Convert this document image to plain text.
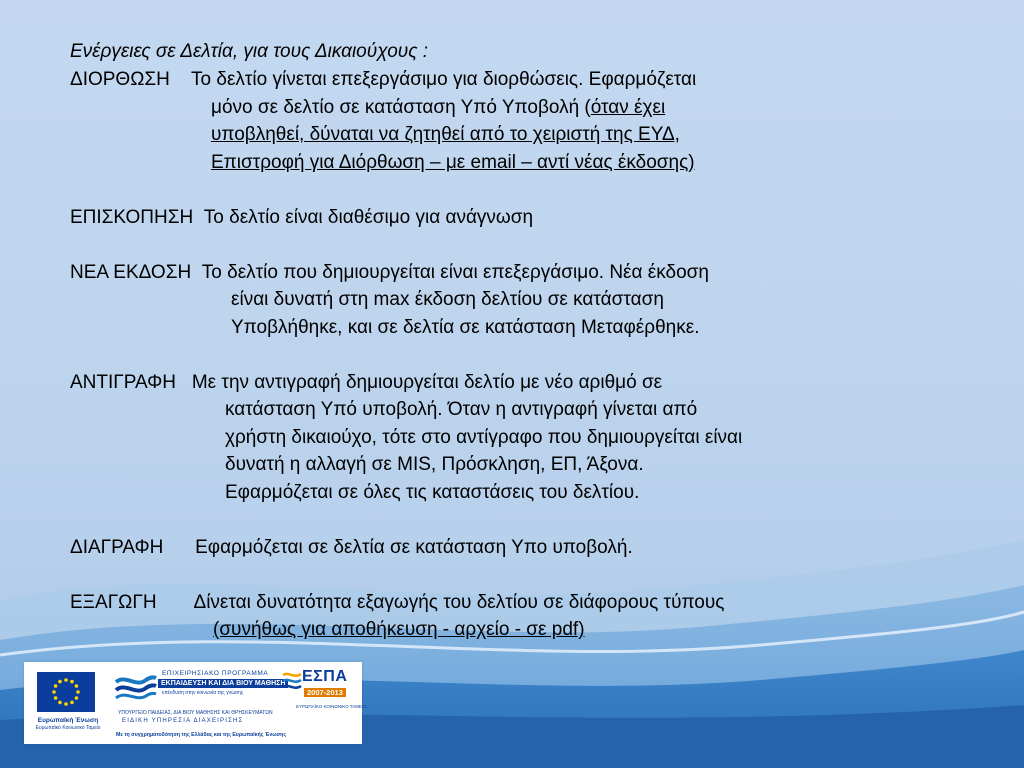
Ενέργειες σε Δελτία, για τους Δικαιούχους :

ΔΙΟΡΘΩΣΗ Το δελτίο γίνεται επεξεργάσιμο για διορθώσεις. Εφαρμόζεται
μόνο σε δελτίο σε κατάσταση Υπό Υποβολή (όταν έχει
υποβληθεί, δύναται να ζητηθεί από το χειριστή της ΕΥΔ,
Επιστροφή για Διόρθωση – με email – αντί νέας έκδοσης)
ΕΠΙΣΚΟΠΗΣΗ Το δελτίο είναι διαθέσιμο για ανάγνωση
ΝΕΑ ΕΚΔΟΣΗ Το δελτίο που δημιουργείται είναι επεξεργάσιμο. Νέα έκδοση
είναι δυνατή στη max έκδοση δελτίου σε κατάσταση
Υποβλήθηκε, και σε δελτία σε κατάσταση Μεταφέρθηκε.
ΑΝΤΙΓΡΑΦΗ Με την αντιγραφή δημιουργείται δελτίο με νέο αριθμό σε
κατάσταση Υπό υποβολή. Όταν η αντιγραφή γίνεται από
χρήστη δικαιούχο, τότε στο αντίγραφο που δημιουργείται είναι
δυνατή η αλλαγή σε MIS, Πρόσκληση, ΕΠ, Άξονα.
Εφαρμόζεται σε όλες τις καταστάσεις του δελτίου.
ΔΙΑΓΡΑΦΗ Εφαρμόζεται σε δελτία σε κατάσταση Υπο υποβολή.
ΕΞΑΓΩΓΗ Δίνεται δυνατότητα εξαγωγής του δελτίου σε διάφορους τύπους
(συνήθως για αποθήκευση - αρχείο - σε pdf)
Ευρωπαϊκή Ένωση
Ευρωπαϊκό Κοινωνικό Ταμείο
ΕΠΙΧΕΙΡΗΣΙΑΚΟ ΠΡΟΓΡΑΜΜΑ
ΕΚΠΑΙΔΕΥΣΗ ΚΑΙ ΔΙΑ ΒΙΟΥ ΜΑΘΗΣΗ
επένδυση στην κοινωνία της γνώσης
ΥΠΟΥΡΓΕΙΟ ΠΑΙΔΕΙΑΣ, ΔΙΑ ΒΙΟΥ ΜΑΘΗΣΗΣ ΚΑΙ ΘΡΗΣΚΕΥΜΑΤΩΝ
ΕΙΔΙΚΗ ΥΠΗΡΕΣΙΑ ΔΙΑΧΕΙΡΙΣΗΣ
ΕΣΠΑ
2007-2013
ΕΥΡΩΠΑΪΚΟ ΚΟΙΝΩΝΙΚΟ ΤΑΜΕΙΟ
Με τη συγχρηματοδότηση της Ελλάδας και της Ευρωπαϊκής Ένωσης
